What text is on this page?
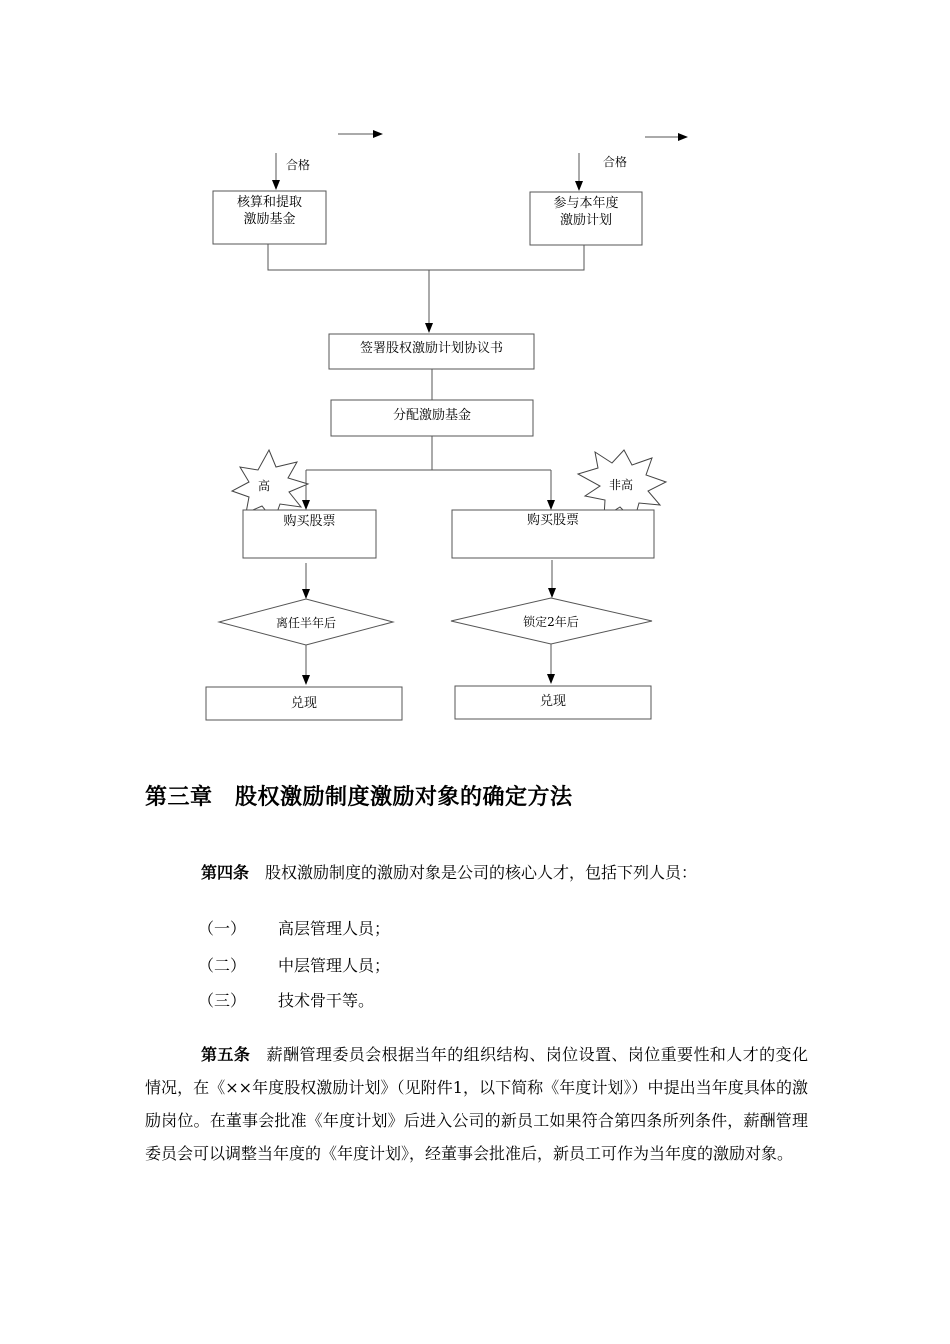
合格	合格
核算和提取
激励基金
参与本年度
激励计划
签署股权激励计划协议书
分配激励基金
高	非高
购买股票	购买股票
离任半年后	锁定2年后
兑现	兑现
第三章　股权激励制度激励对象的确定方法
第四条　 股权激励制度的激励对象是公司的核心人才，包括下列人员：
（一） 高层管理人员；
（二） 中层管理人员；
（三） 技术骨干等。
第五条　 薪酬管理委员会根据当年的组织结构、岗位设置、岗位重要性和人才的变化情况，在《××年度股权激励计划》（见附件1，以下简称《年度计划》）中提出当年度具体的激励岗位。在董事会批准《年度计划》后进入公司的新员工如果符合第四条所列条件，薪酬管理委员会可以调整当年度的《年度计划》，经董事会批准后，新员工可作为当年度的激励对象。
